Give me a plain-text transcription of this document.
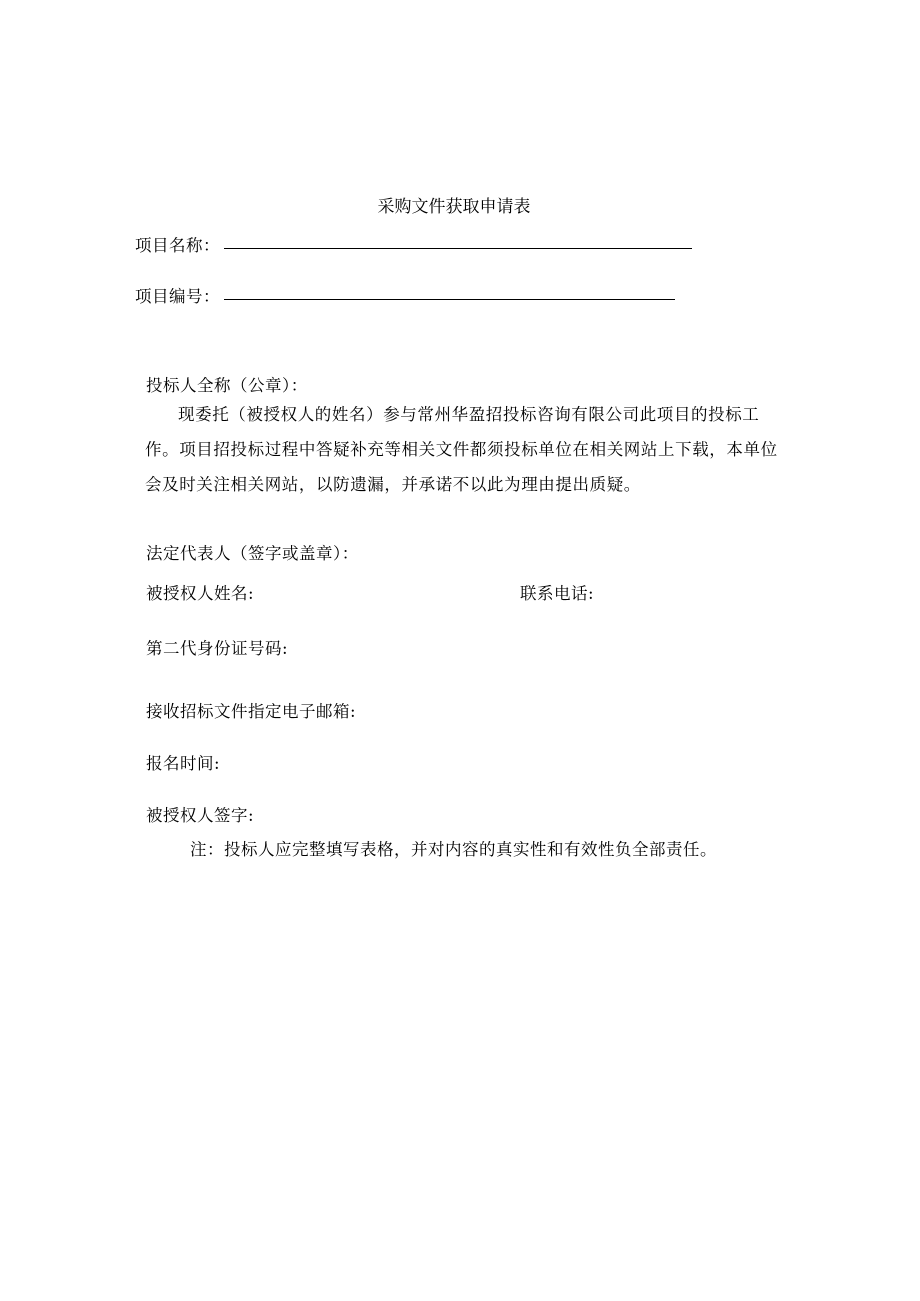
采购文件获取申请表
项目名称：
项目编号：
投标人全称（公章）：
现委托（被授权人的姓名）参与常州华盈招投标咨询有限公司此项目的投标工作。项目招投标过程中答疑补充等相关文件都须投标单位在相关网站上下载，本单位会及时关注相关网站，以防遗漏，并承诺不以此为理由提出质疑。
法定代表人（签字或盖章）：
被授权人姓名:	联系电话:
第二代身份证号码:
接收招标文件指定电子邮箱:
报名时间:
被授权人签字:
注：投标人应完整填写表格，并对内容的真实性和有效性负全部责任。
